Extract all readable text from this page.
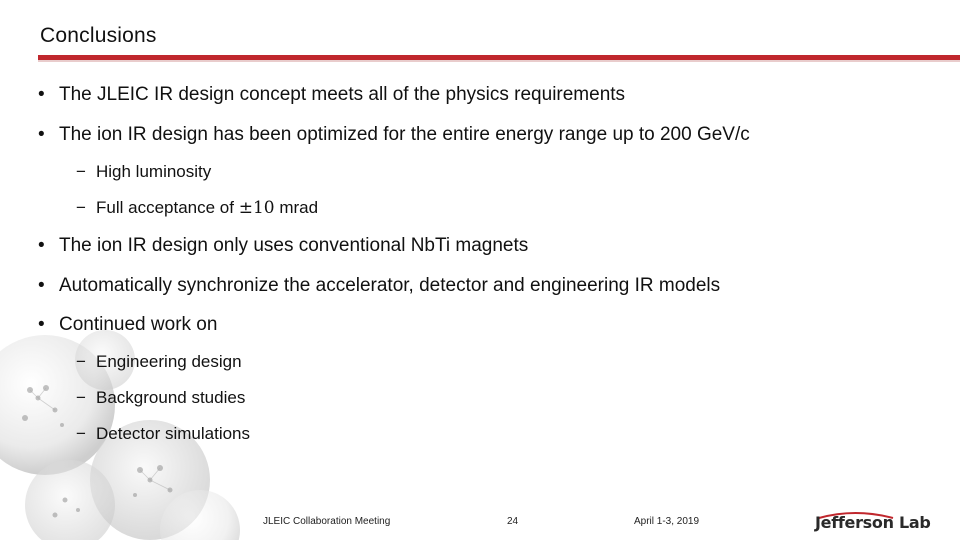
Conclusions
• The JLEIC IR design concept meets all of the physics requirements
• The ion IR design has been optimized for the entire energy range up to 200 GeV/c
− High luminosity
− Full acceptance of ±10 mrad
• The ion IR design only uses conventional NbTi magnets
• Automatically synchronize the accelerator, detector and engineering IR models
• Continued work on
− Engineering design
− Background studies
− Detector simulations
JLEIC Collaboration Meeting	24	April 1-3, 2019	Jefferson Lab
